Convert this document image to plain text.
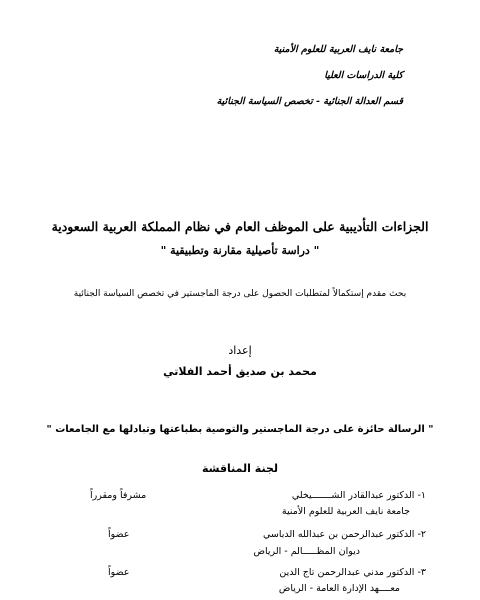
جامعة نايف العربية للعلوم الأمنية
كلية الدراسات العليا
قسم العدالة الجنائية - تخصص السياسة الجنائية
الجزاءات التأديبية على الموظف العام في نظام المملكة العربية السعودية
" دراسة تأصيلية مقارنة وتطبيقية "
بحث مقدم إستكمالاً لمتطلبات الحصول على درجة الماجستير في تخصص السياسة الجنائية
إعداد
محمد بن صديق أحمد الفلاتي
" الرسالة حائزة على درجة الماجستير والتوصية بطباعتها وتبادلها مع الجامعات "
لجنة المناقشة
١- الدكتور عبدالقادر الشـــــــيخلي
مشرفاً ومقرراً
جامعة نايف العربية للعلوم الأمنية
٢- الدكتور عبدالرحمن بن عبدالله الدباسي
عضواً
ديوان المظـــــالم - الرياض
٣- الدكتور مدني عبدالرحمن تاج الدين
عضواً
معــــهد الإدارة العامة - الرياض
